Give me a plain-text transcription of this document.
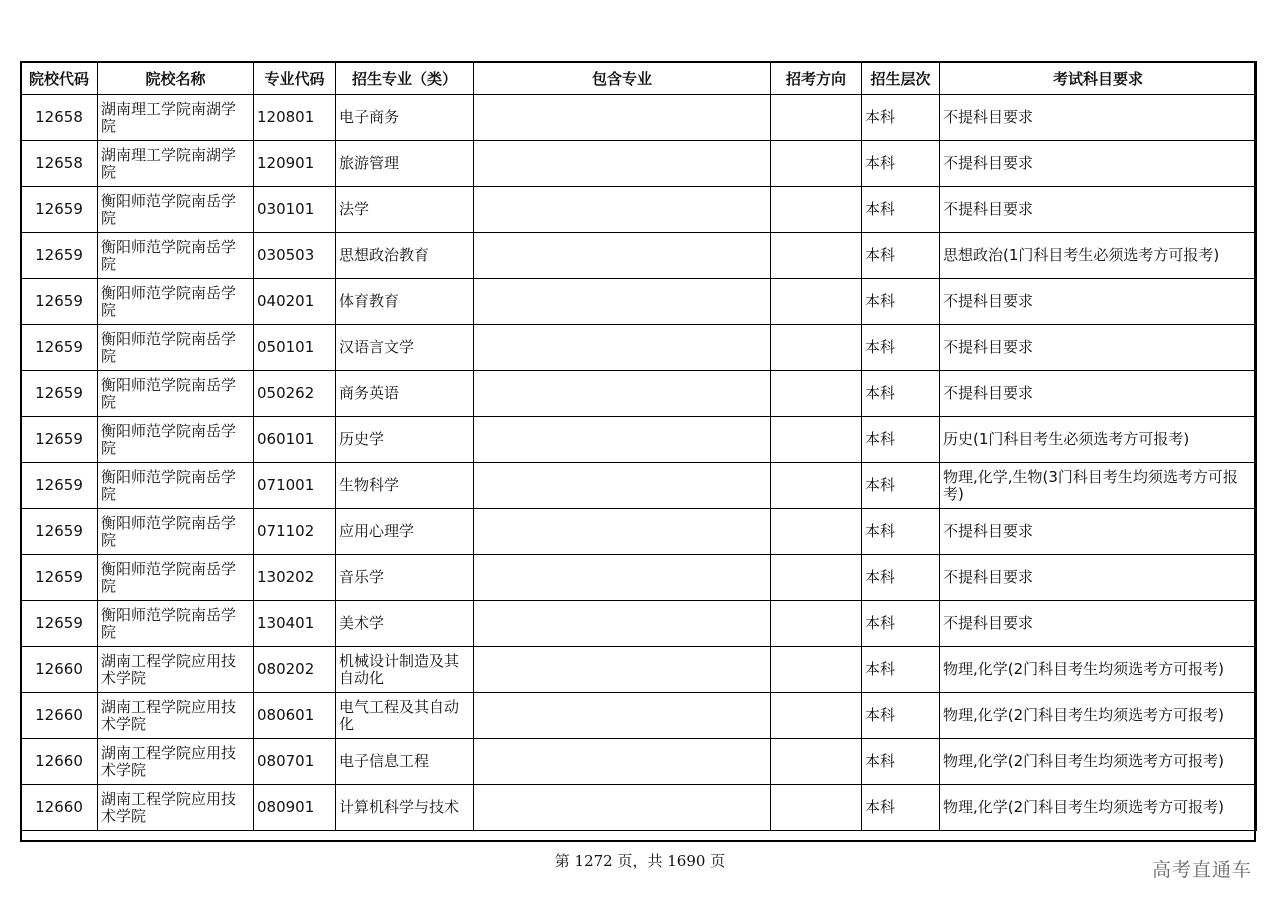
院校代码	院校名称	专业代码	招生专业（类）	包含专业	招考方向	招生层次	考试科目要求
12658	湖南理工学院南湖学院	120801	电子商务			本科	不提科目要求
12658	湖南理工学院南湖学院	120901	旅游管理			本科	不提科目要求
12659	衡阳师范学院南岳学院	030101	法学			本科	不提科目要求
12659	衡阳师范学院南岳学院	030503	思想政治教育			本科	思想政治(1门科目考生必须选考方可报考)
12659	衡阳师范学院南岳学院	040201	体育教育			本科	不提科目要求
12659	衡阳师范学院南岳学院	050101	汉语言文学			本科	不提科目要求
12659	衡阳师范学院南岳学院	050262	商务英语			本科	不提科目要求
12659	衡阳师范学院南岳学院	060101	历史学			本科	历史(1门科目考生必须选考方可报考)
12659	衡阳师范学院南岳学院	071001	生物科学			本科	物理,化学,生物(3门科目考生均须选考方可报考)
12659	衡阳师范学院南岳学院	071102	应用心理学			本科	不提科目要求
12659	衡阳师范学院南岳学院	130202	音乐学			本科	不提科目要求
12659	衡阳师范学院南岳学院	130401	美术学			本科	不提科目要求
12660	湖南工程学院应用技术学院	080202	机械设计制造及其自动化			本科	物理,化学(2门科目考生均须选考方可报考)
12660	湖南工程学院应用技术学院	080601	电气工程及其自动化			本科	物理,化学(2门科目考生均须选考方可报考)
12660	湖南工程学院应用技术学院	080701	电子信息工程			本科	物理,化学(2门科目考生均须选考方可报考)
12660	湖南工程学院应用技术学院	080901	计算机科学与技术			本科	物理,化学(2门科目考生均须选考方可报考)
第 1272 页，共 1690 页	高考直通车
